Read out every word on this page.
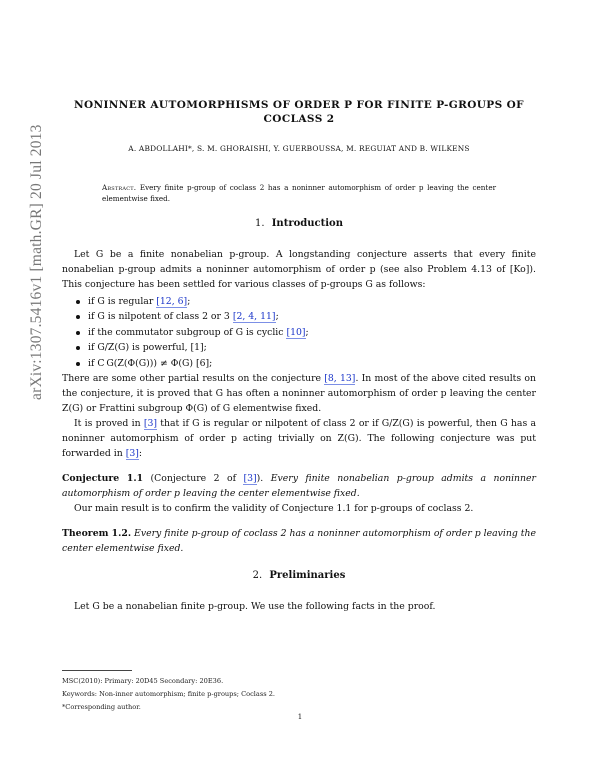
arXiv:1307.5416v1 [math.GR] 20 Jul 2013
NONINNER AUTOMORPHISMS OF ORDER P FOR FINITE P-GROUPS OF COCLASS 2
A. ABDOLLAHI*, S. M. GHORAISHI, Y. GUERBOUSSA, M. REGUIAT AND B. WILKENS
Abstract. Every finite p-group of coclass 2 has a noninner automorphism of order p leaving the center elementwise fixed.
1. Introduction

Let G be a finite nonabelian p-group. A longstanding conjecture asserts that every finite nonabelian p-group admits a noninner automorphism of order p (see also Problem 4.13 of [Ko]). This conjecture has been settled for various classes of p-groups G as follows:

if G is regular [12, 6];
if G is nilpotent of class 2 or 3 [2, 4, 11];
if the commutator subgroup of G is cyclic [10];
if G/Z(G) is powerful, [1];
if C G(Z(Φ(G))) ≠ Φ(G) [6];

There are some other partial results on the conjecture [8, 13]. In most of the above cited results on the conjecture, it is proved that G has often a noninner automorphism of order p leaving the center Z(G) or Frattini subgroup Φ(G) of G elementwise fixed.

It is proved in [3] that if G is regular or nilpotent of class 2 or if G/Z(G) is powerful, then G has a noninner automorphism of order p acting trivially on Z(G). The following conjecture was put forwarded in [3]:

Conjecture 1.1 (Conjecture 2 of [3]). Every finite nonabelian p-group admits a noninner automorphism of order p leaving the center elementwise fixed.

Our main result is to confirm the validity of Conjecture 1.1 for p-groups of coclass 2.

Theorem 1.2. Every finite p-group of coclass 2 has a noninner automorphism of order p leaving the center elementwise fixed.
2. Preliminaries

Let G be a nonabelian finite p-group. We use the following facts in the proof.

MSC(2010): Primary: 20D45 Secondary: 20E36.
Keywords: Non-inner automorphism; finite p-groups; Coclass 2.
*Corresponding author.
1
